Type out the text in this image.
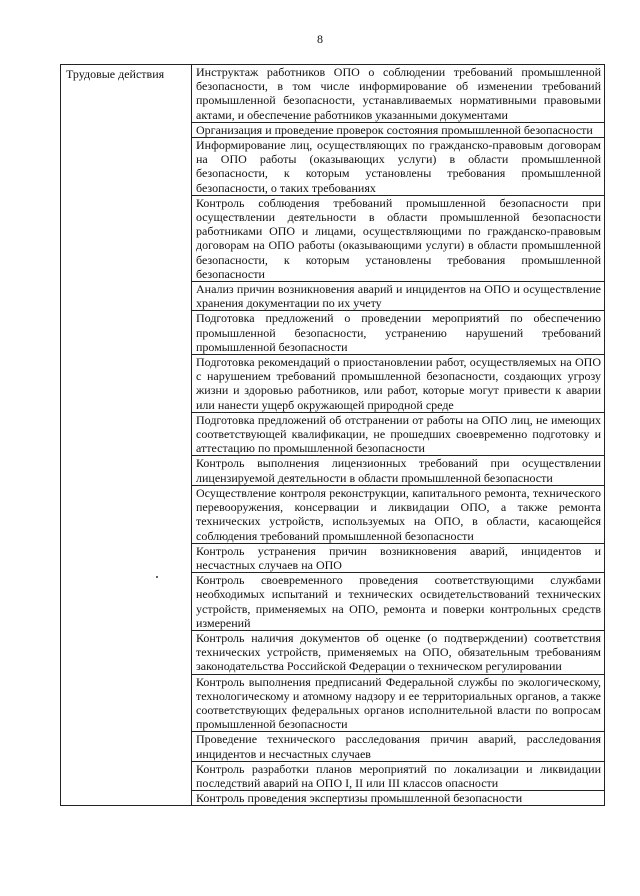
8
Трудовые действия	Инструктаж работников ОПО о соблюдении требований промышленной безопасности, в том числе информирование об изменении требований промышленной безопасности, устанавливаемых нормативными правовыми актами, и обеспечение работников указанными документами
Организация и проведение проверок состояния промышленной безопасности
Информирование лиц, осуществляющих по гражданско-правовым договорам на ОПО работы (оказывающих услуги) в области промышленной безопасности, к которым установлены требования промышленной безопасности, о таких требованиях
Контроль соблюдения требований промышленной безопасности при осуществлении деятельности в области промышленной безопасности работниками ОПО и лицами, осуществляющими по гражданско-правовым договорам на ОПО работы (оказывающими услуги) в области промышленной безопасности, к которым установлены требования промышленной безопасности
Анализ причин возникновения аварий и инцидентов на ОПО и осуществление хранения документации по их учету
Подготовка предложений о проведении мероприятий по обеспечению промышленной безопасности, устранению нарушений требований промышленной безопасности
Подготовка рекомендаций о приостановлении работ, осуществляемых на ОПО с нарушением требований промышленной безопасности, создающих угрозу жизни и здоровью работников, или работ, которые могут привести к аварии или нанести ущерб окружающей природной среде
Подготовка предложений об отстранении от работы на ОПО лиц, не имеющих соответствующей квалификации, не прошедших своевременно подготовку и аттестацию по промышленной безопасности
Контроль выполнения лицензионных требований при осуществлении лицензируемой деятельности в области промышленной безопасности
Осуществление контроля реконструкции, капитального ремонта, технического перевооружения, консервации и ликвидации ОПО, а также ремонта технических устройств, используемых на ОПО, в области, касающейся соблюдения требований промышленной безопасности
Контроль устранения причин возникновения аварий, инцидентов и несчастных случаев на ОПО
Контроль своевременного проведения соответствующими службами необходимых испытаний и технических освидетельствований технических устройств, применяемых на ОПО, ремонта и поверки контрольных средств измерений
Контроль наличия документов об оценке (о подтверждении) соответствия технических устройств, применяемых на ОПО, обязательным требованиям законодательства Российской Федерации о техническом регулировании
Контроль выполнения предписаний Федеральной службы по экологическому, технологическому и атомному надзору и ее территориальных органов, а также соответствующих федеральных органов исполнительной власти по вопросам промышленной безопасности
Проведение технического расследования причин аварий, расследования инцидентов и несчастных случаев
Контроль разработки планов мероприятий по локализации и ликвидации последствий аварий на ОПО I, II или III классов опасности
Контроль проведения экспертизы промышленной безопасности
